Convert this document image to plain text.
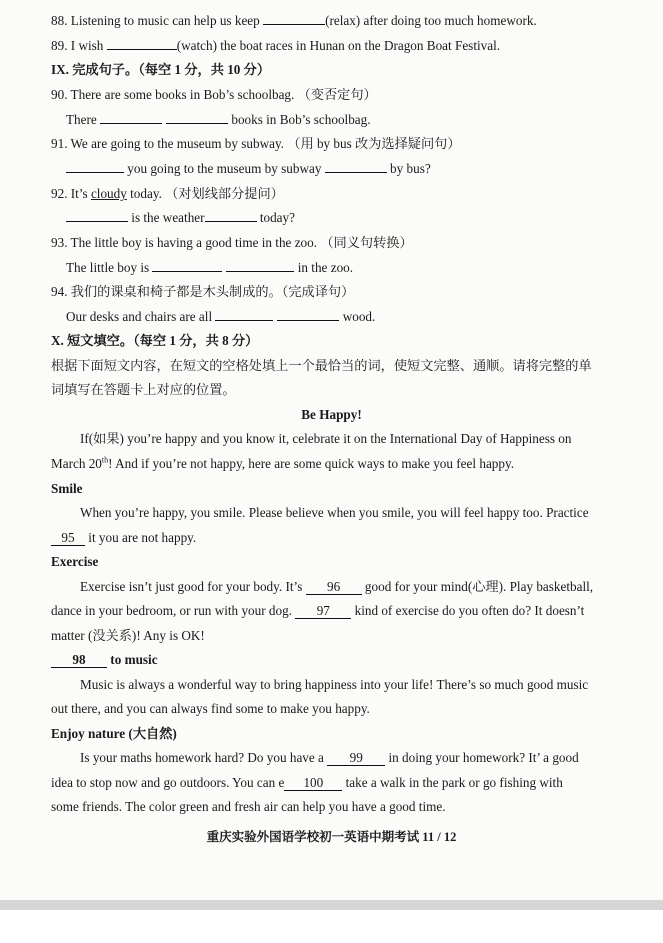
88. Listening to music can help us keep	(relax) after doing too much homework.
89. I wish	(watch) the boat races in Hunan on the Dragon Boat Festival.
IX. 完成句子。（每空 1 分，共 10 分）
90. There are some books in Bob’s schoolbag. （变否定句）
There	books in Bob’s schoolbag.
91. We are going to the museum by subway. （用 by bus 改为选择疑问句）
you going to the museum by subway	by bus?
92. It’s cloudy today. （对划线部分提问）
is the weather	today?
93. The little boy is having a good time in the zoo. （同义句转换）
The little boy is	in the zoo.
94. 我们的课桌和椅子都是木头制成的。（完成译句）
Our desks and chairs are all	wood.
X. 短文填空。（每空 1 分，共 8 分）
根据下面短文内容，在短文的空格处填上一个最恰当的词，使短文完整、通顺。请将完整的单
词填写在答题卡上对应的位置。
Be Happy!
If(如果) you’re happy and you know it, celebrate it on the International Day of Happiness on
March 20th! And if you’re not happy, here are some quick ways to make you feel happy.
Smile
When you’re happy, you smile. Please believe when you smile, you will feel happy too. Practice
95 it you are not happy.
Exercise
Exercise isn’t just good for your body. It’s 96 good for your mind(心理). Play basketball,
dance in your bedroom, or run with your dog. 97 kind of exercise do you often do? It doesn’t
matter (没关系)! Any is OK!
98 to music
Music is always a wonderful way to bring happiness into your life! There’s so much good music
out there, and you can always find some to make you happy.
Enjoy nature (大自然)
Is your maths homework hard? Do you have a 99 in doing your homework? It’ a good
idea to stop now and go outdoors. You can e 100 take a walk in the park or go fishing with
some friends. The color green and fresh air can help you have a good time.
重庆实验外国语学校初一英语中期考试 11 / 12
